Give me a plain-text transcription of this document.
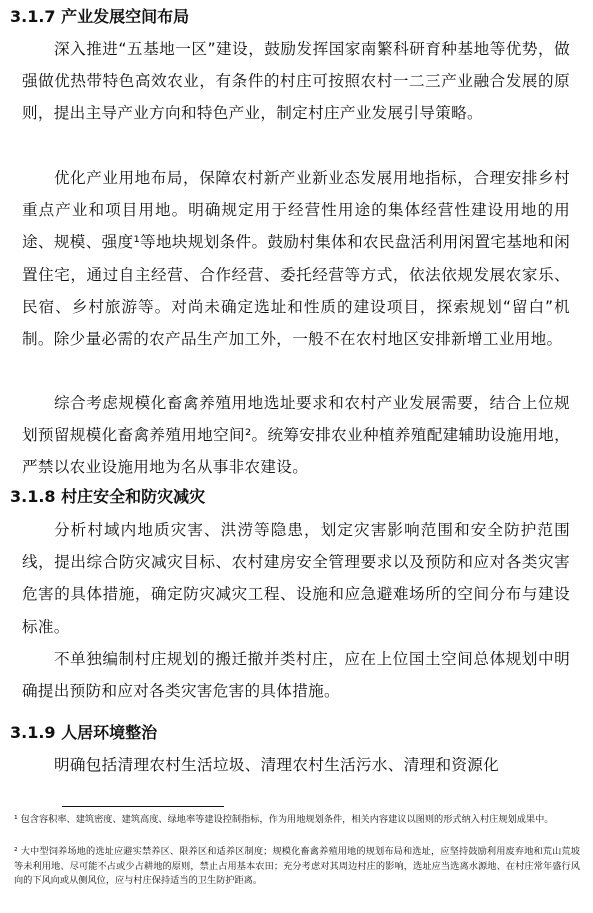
3.1.7 产业发展空间布局

深入推进“五基地一区”建设，鼓励发挥国家南繁科研育种基地等优势，做强做优热带特色高效农业，有条件的村庄可按照农村一二三产业融合发展的原则，提出主导产业方向和特色产业，制定村庄产业发展引导策略。

优化产业用地布局，保障农村新产业新业态发展用地指标，合理安排乡村重点产业和项目用地。明确规定用于经营性用途的集体经营性建设用地的用途、规模、强度¹等地块规划条件。鼓励村集体和农民盘活利用闲置宅基地和闲置住宅，通过自主经营、合作经营、委托经营等方式，依法依规发展农家乐、民宿、乡村旅游等。对尚未确定选址和性质的建设项目，探索规划“留白”机制。除少量必需的农产品生产加工外，一般不在农村地区安排新增工业用地。

综合考虑规模化畜禽养殖用地选址要求和农村产业发展需要，结合上位规划预留规模化畜禽养殖用地空间²。统筹安排农业种植养殖配建辅助设施用地，严禁以农业设施用地为名从事非农建设。

3.1.8 村庄安全和防灾减灾

分析村域内地质灾害、洪涝等隐患，划定灾害影响范围和安全防护范围线，提出综合防灾减灾目标、农村建房安全管理要求以及预防和应对各类灾害危害的具体措施，确定防灾减灾工程、设施和应急避难场所的空间分布与建设标准。

不单独编制村庄规划的搬迁撤并类村庄，应在上位国土空间总体规划中明确提出预防和应对各类灾害危害的具体措施。

3.1.9 人居环境整治

明确包括清理农村生活垃圾、清理农村生活污水、清理和资源化

¹ 包含容积率、建筑密度、建筑高度、绿地率等建设控制指标，作为用地规划条件，相关内容建议以图则的形式纳入村庄规划成果中。

² 大中型饲养场地的选址应避实禁养区、限养区和适养区制度；规模化畜禽养殖用地的规划布局和选址，应坚持鼓励利用废弃地和荒山荒坡等未利用地、尽可能不占或少占耕地的原则，禁止占用基本农田；充分考虑对其周边村庄的影响，选址应当选离水源地、在村庄常年盛行风向的下风向或从侧风位，应与村庄保持适当的卫生防护距离。
